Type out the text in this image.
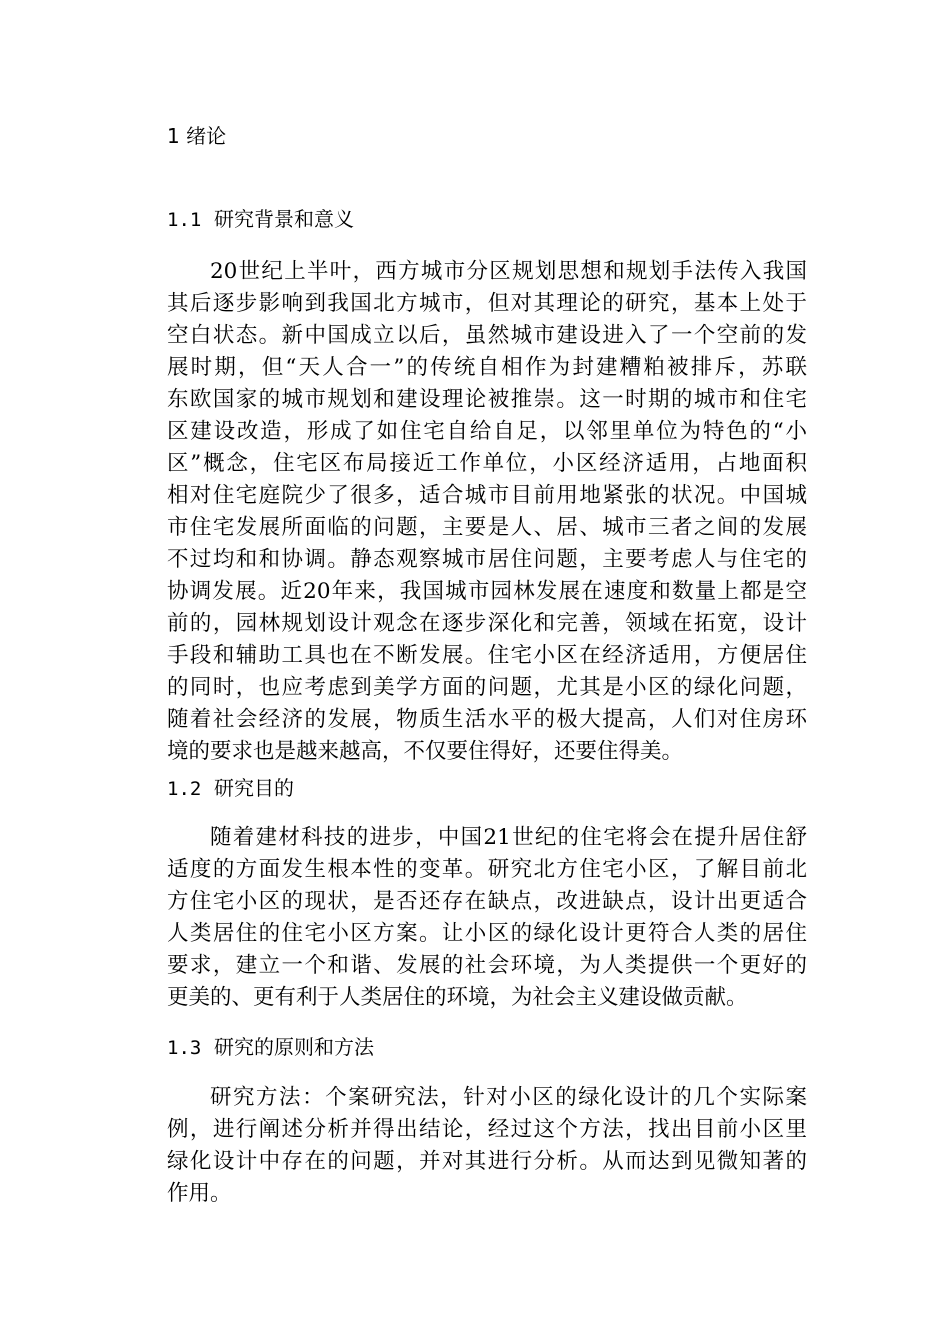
1 绪论
1.1 研究背景和意义
20世纪上半叶，西方城市分区规划思想和规划手法传入我国
其后逐步影响到我国北方城市，但对其理论的研究，基本上处于
空白状态。新中国成立以后，虽然城市建设进入了一个空前的发
展时期，但“天人合一”的传统自相作为封建糟粕被排斥，苏联
东欧国家的城市规划和建设理论被推崇。这一时期的城市和住宅
区建设改造，形成了如住宅自给自足，以邻里单位为特色的“小
区”概念，住宅区布局接近工作单位，小区经济适用，占地面积
相对住宅庭院少了很多，适合城市目前用地紧张的状况。中国城
市住宅发展所面临的问题，主要是人、居、城市三者之间的发展
不过均和和协调。静态观察城市居住问题，主要考虑人与住宅的
协调发展。近20年来，我国城市园林发展在速度和数量上都是空
前的，园林规划设计观念在逐步深化和完善，领域在拓宽，设计
手段和辅助工具也在不断发展。住宅小区在经济适用，方便居住
的同时，也应考虑到美学方面的问题，尤其是小区的绿化问题，
随着社会经济的发展，物质生活水平的极大提高，人们对住房环
境的要求也是越来越高，不仅要住得好，还要住得美。
1.2 研究目的
随着建材科技的进步，中国21世纪的住宅将会在提升居住舒
适度的方面发生根本性的变革。研究北方住宅小区，了解目前北
方住宅小区的现状，是否还存在缺点，改进缺点，设计出更适合
人类居住的住宅小区方案。让小区的绿化设计更符合人类的居住
要求，建立一个和谐、发展的社会环境，为人类提供一个更好的
更美的、更有利于人类居住的环境，为社会主义建设做贡献。
1.3 研究的原则和方法
研究方法：个案研究法，针对小区的绿化设计的几个实际案
例，进行阐述分析并得出结论，经过这个方法，找出目前小区里
绿化设计中存在的问题，并对其进行分析。从而达到见微知著的
作用。
